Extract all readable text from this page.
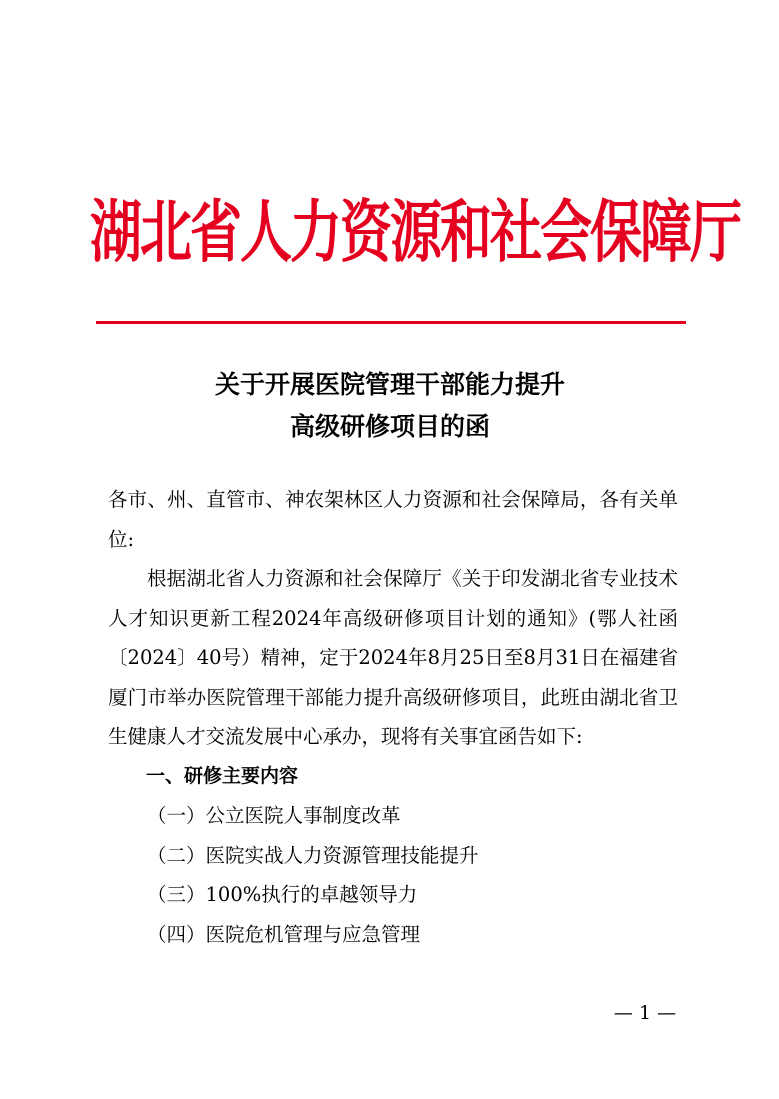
湖北省人力资源和社会保障厅
关于开展医院管理干部能力提升
高级研修项目的函

各市、州、直管市、神农架林区人力资源和社会保障局，各有关单位:

根据湖北省人力资源和社会保障厅《关于印发湖北省专业技术人才知识更新工程2024年高级研修项目计划的通知》(鄂人社函〔2024〕40号）精神，定于2024年8月25日至8月31日在福建省厦门市举办医院管理干部能力提升高级研修项目，此班由湖北省卫生健康人才交流发展中心承办，现将有关事宜函告如下:

一、研修主要内容

（一）公立医院人事制度改革

（二）医院实战人力资源管理技能提升

（三）100%执行的卓越领导力

（四）医院危机管理与应急管理

— 1 —
